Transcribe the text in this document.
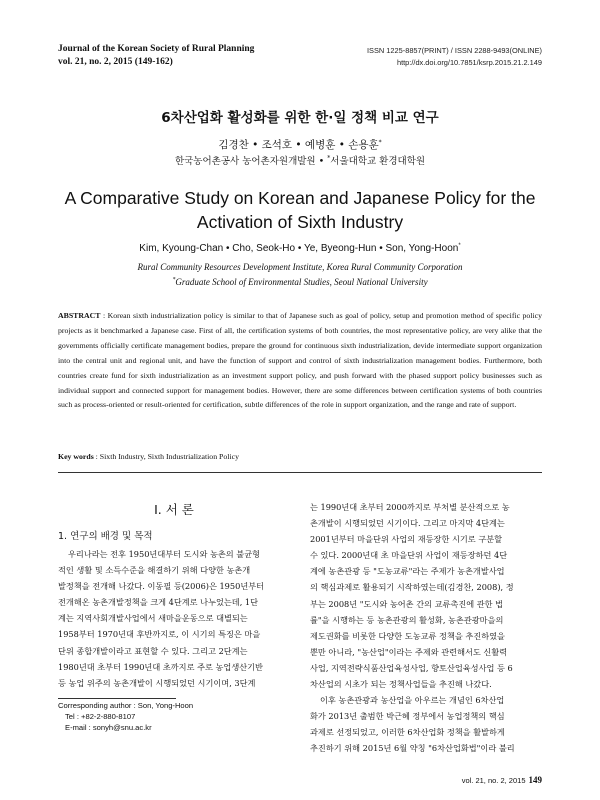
Journal of the Korean Society of Rural Planning
vol. 21, no. 2, 2015 (149-162)
ISSN 1225-8857(PRINT) / ISSN 2288-9493(ONLINE)
http://dx.doi.org/10.7851/ksrp.2015.21.2.149
6차산업화 활성화를 위한 한·일 정책 비교 연구
김경찬 • 조석호 • 예병훈 • 손용훈*
한국농어촌공사 농어촌자원개발원 • *서울대학교 환경대학원
A Comparative Study on Korean and Japanese Policy for the
Activation of Sixth Industry
Kim, Kyoung-Chan • Cho, Seok-Ho • Ye, Byeong-Hun • Son, Yong-Hoon*
Rural Community Resources Development Institute, Korea Rural Community Corporation
*Graduate School of Environmental Studies, Seoul National University

ABSTRACT : Korean sixth industrialization policy is similar to that of Japanese such as goal of policy, setup and promotion method of specific policy projects as it benchmarked a Japanese case. First of all, the certification systems of both countries, the most representative policy, are very alike that the governments officially certificate management bodies, prepare the ground for continuous sixth industrialization, devide intermediate support organization into the central unit and regional unit, and have the function of support and control of sixth industrialization management bodies. Furthermore, both countries create fund for sixth industrialization as an investment support policy, and push forward with the phased support policy businesses such as individual support and connected support for management bodies. However, there are some differences between certification systems of both countries such as process-oriented or result-oriented for certification, subtle differences of the role in support organization, and the range and rate of support.

Key words : Sixth Industry, Sixth Industrialization Policy
I. 서 론
1. 연구의 배경 및 목적
우리나라는 전후 1950년대부터 도시와 농촌의 불균형
적인 생활 및 소득수준을 해결하기 위해 다양한 농촌개
발정책을 전개해 나갔다. 이동필 등(2006)은 1950년부터
전개해온 농촌개발정책을 크게 4단계로 나누었는데, 1단
계는 지역사회개발사업에서 새마을운동으로 대별되는
1958부터 1970년대 후반까지로, 이 시기의 특징은 마을
단위 종합개발이라고 표현할 수 있다. 그리고 2단계는
1980년대 초부터 1990년대 초까지로 주로 농업생산기반
등 농업 위주의 농촌개발이 시행되었던 시기이며, 3단계
는 1990년대 초부터 2000까지로 부처별 분산적으로 농
촌개발이 시행되었던 시기이다. 그리고 마지막 4단계는
2001년부터 마을단위 사업의 재등장한 시기로 구분할
수 있다. 2000년대 초 마을단위 사업이 재등장하던 4단
계에 농촌관광 등 "도농교류"라는 주제가 농촌개발사업
의 핵심과제로 활용되기 시작하였는데(김경찬, 2008), 정
부는 2008년 "도시와 농어촌 간의 교류촉진에 관한 법
률"을 시행하는 등 농촌관광의 활성화, 농촌관광마을의
제도권화를 비롯한 다양한 도농교류 정책을 추진하였을
뿐만 아니라, "농산업"이라는 주제와 관련해서도 신활력
사업, 지역전략식품산업육성사업, 향토산업육성사업 등 6
차산업의 시초가 되는 정책사업들을 추진해 나갔다.
이후 농촌관광과 농산업을 아우르는 개념인 6차산업
화가 2013년 출범한 박근혜 정부에서 농업정책의 핵심
과제로 선정되었고, 이러한 6차산업화 정책을 활발하게
추진하기 위해 2015년 6월 약칭 "6차산업화법"이라 불리
Corresponding author : Son, Yong-Hoon
Tel : +82-2-880-8107
E-mail : sonyh@snu.ac.kr
vol. 21, no. 2, 2015 149
